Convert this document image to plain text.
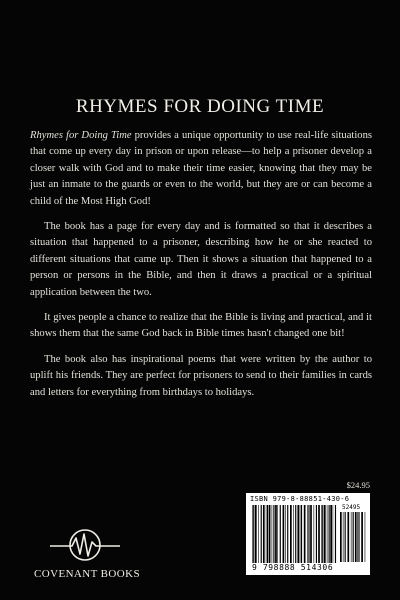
RHYMES FOR DOING TIME

Rhymes for Doing Time provides a unique opportunity to use real-life situations that come up every day in prison or upon release—to help a prisoner develop a closer walk with God and to make their time easier, knowing that they may be just an inmate to the guards or even to the world, but they are or can become a child of the Most High God!

The book has a page for every day and is formatted so that it describes a situation that happened to a prisoner, describing how he or she reacted to different situations that came up. Then it shows a situation that happened to a person or persons in the Bible, and then it draws a practical or a spiritual application between the two.

It gives people a chance to realize that the Bible is living and practical, and it shows them that the same God back in Bible times hasn't changed one bit!

The book also has inspirational poems that were written by the author to uplift his friends. They are perfect for prisoners to send to their families in cards and letters for everything from birthdays to holidays.

$24.95
ISBN 979-8-88851-430-6
52495
9 798888 514306
COVENANT BOOKS
